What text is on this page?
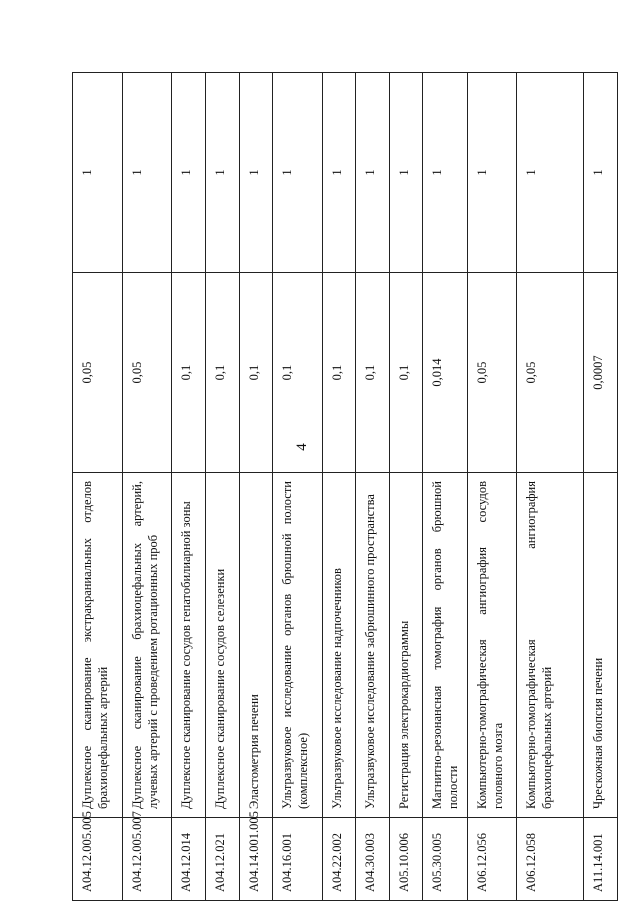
4
A04.12.005.005	Дуплексное сканирование экстракраниальных отделов брахиоцефальных артерий	0,05	1
A04.12.005.007	Дуплексное сканирование брахиоцефальных артерий, лучевых артерий с проведением ротационных проб	0,05	1
A04.12.014	Дуплексное сканирование сосудов гепатобилиарной зоны	0,1	1
A04.12.021	Дуплексное сканирование сосудов селезенки	0,1	1
A04.14.001.005	Эластометрия печени	0,1	1
A04.16.001	Ультразвуковое исследование органов брюшной полости (комплексное)	0,1	1
A04.22.002	Ультразвуковое исследование надпочечников	0,1	1
A04.30.003	Ультразвуковое исследование забрюшинного пространства	0,1	1
A05.10.006	Регистрация электрокардиограммы	0,1	1
A05.30.005	Магнитно-резонансная томография органов брюшной полости	0,014	1
A06.12.056	Компьютерно-томографическая ангиография сосудов головного мозга	0,05	1
A06.12.058	Компьютерно-томографическая ангиография брахиоцефальных артерий	0,05	1
A11.14.001	Чрескожная биопсия печени	0,0007	1
